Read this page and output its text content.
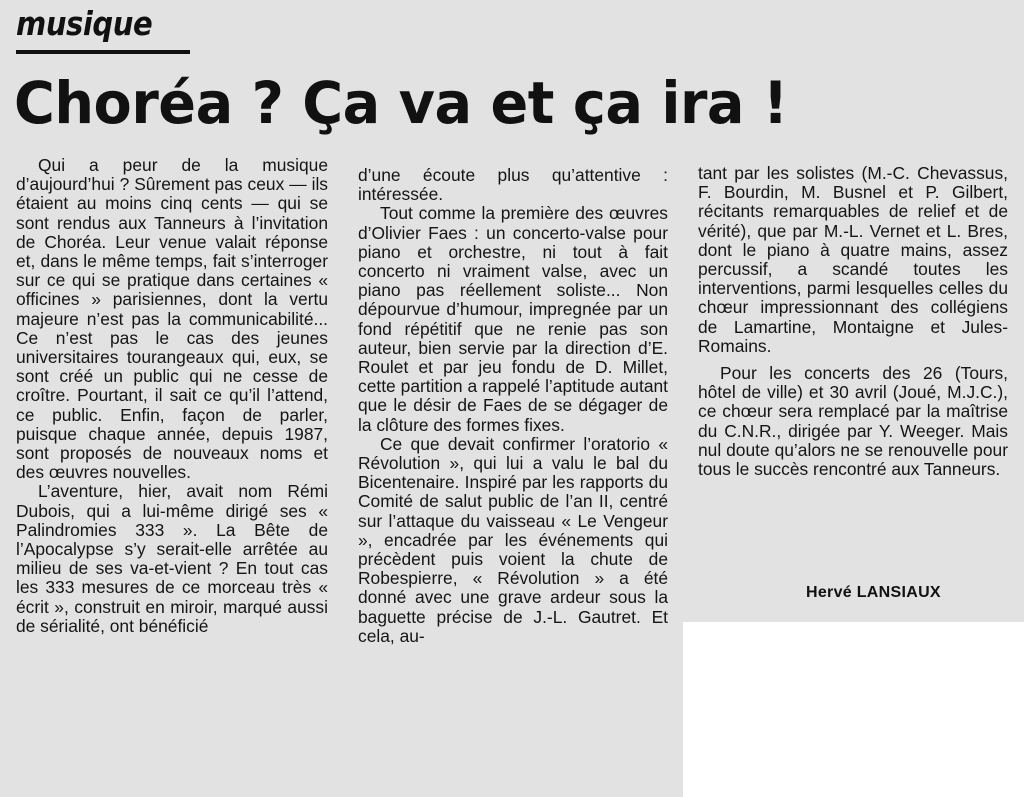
musique
Choréa ? Ça va et ça ira !

Qui a peur de la musique d’aujourd’hui ? Sûrement pas ceux — ils étaient au moins cinq cents — qui se sont rendus aux Tanneurs à l’invitation de Choréa. Leur venue valait réponse et, dans le même temps, fait s’interroger sur ce qui se pratique dans certaines « officines » parisiennes, dont la vertu majeure n’est pas la communicabilité... Ce n’est pas le cas des jeunes universitaires tourangeaux qui, eux, se sont créé un public qui ne cesse de croître. Pourtant, il sait ce qu’il l’attend, ce public. Enfin, façon de parler, puisque chaque année, depuis 1987, sont proposés de nouveaux noms et des œuvres nouvelles.

L’aventure, hier, avait nom Rémi Dubois, qui a lui-même dirigé ses « Palindromies 333 ». La Bête de l’Apocalypse s’y serait-elle arrêtée au milieu de ses va-et-vient ? En tout cas les 333 mesures de ce morceau très « écrit », construit en miroir, marqué aussi de sérialité, ont bénéficié

d’une écoute plus qu’attentive : intéressée.

Tout comme la première des œuvres d’Olivier Faes : un concerto-valse pour piano et orchestre, ni tout à fait concerto ni vraiment valse, avec un piano pas réellement soliste... Non dépourvue d’humour, impregnée par un fond répétitif que ne renie pas son auteur, bien servie par la direction d’E. Roulet et par jeu fondu de D. Millet, cette partition a rappelé l’aptitude autant que le désir de Faes de se dégager de la clôture des formes fixes.

Ce que devait confirmer l’oratorio « Révolution », qui lui a valu le bal du Bicentenaire. Inspiré par les rapports du Comité de salut public de l’an II, centré sur l’attaque du vaisseau « Le Vengeur », encadrée par les événements qui précèdent puis voient la chute de Robespierre, « Révolution » a été donné avec une grave ardeur sous la baguette précise de J.-L. Gautret. Et cela, au-

tant par les solistes (M.-C. Chevassus, F. Bourdin, M. Busnel et P. Gilbert, récitants remarquables de relief et de vérité), que par M.-L. Vernet et L. Bres, dont le piano à quatre mains, assez percussif, a scandé toutes les interventions, parmi lesquelles celles du chœur impressionnant des collégiens de Lamartine, Montaigne et Jules-Romains.

Pour les concerts des 26 (Tours, hôtel de ville) et 30 avril (Joué, M.J.C.), ce chœur sera remplacé par la maîtrise du C.N.R., dirigée par Y. Weeger. Mais nul doute qu’alors ne se renouvelle pour tous le succès rencontré aux Tanneurs.

Hervé LANSIAUX
